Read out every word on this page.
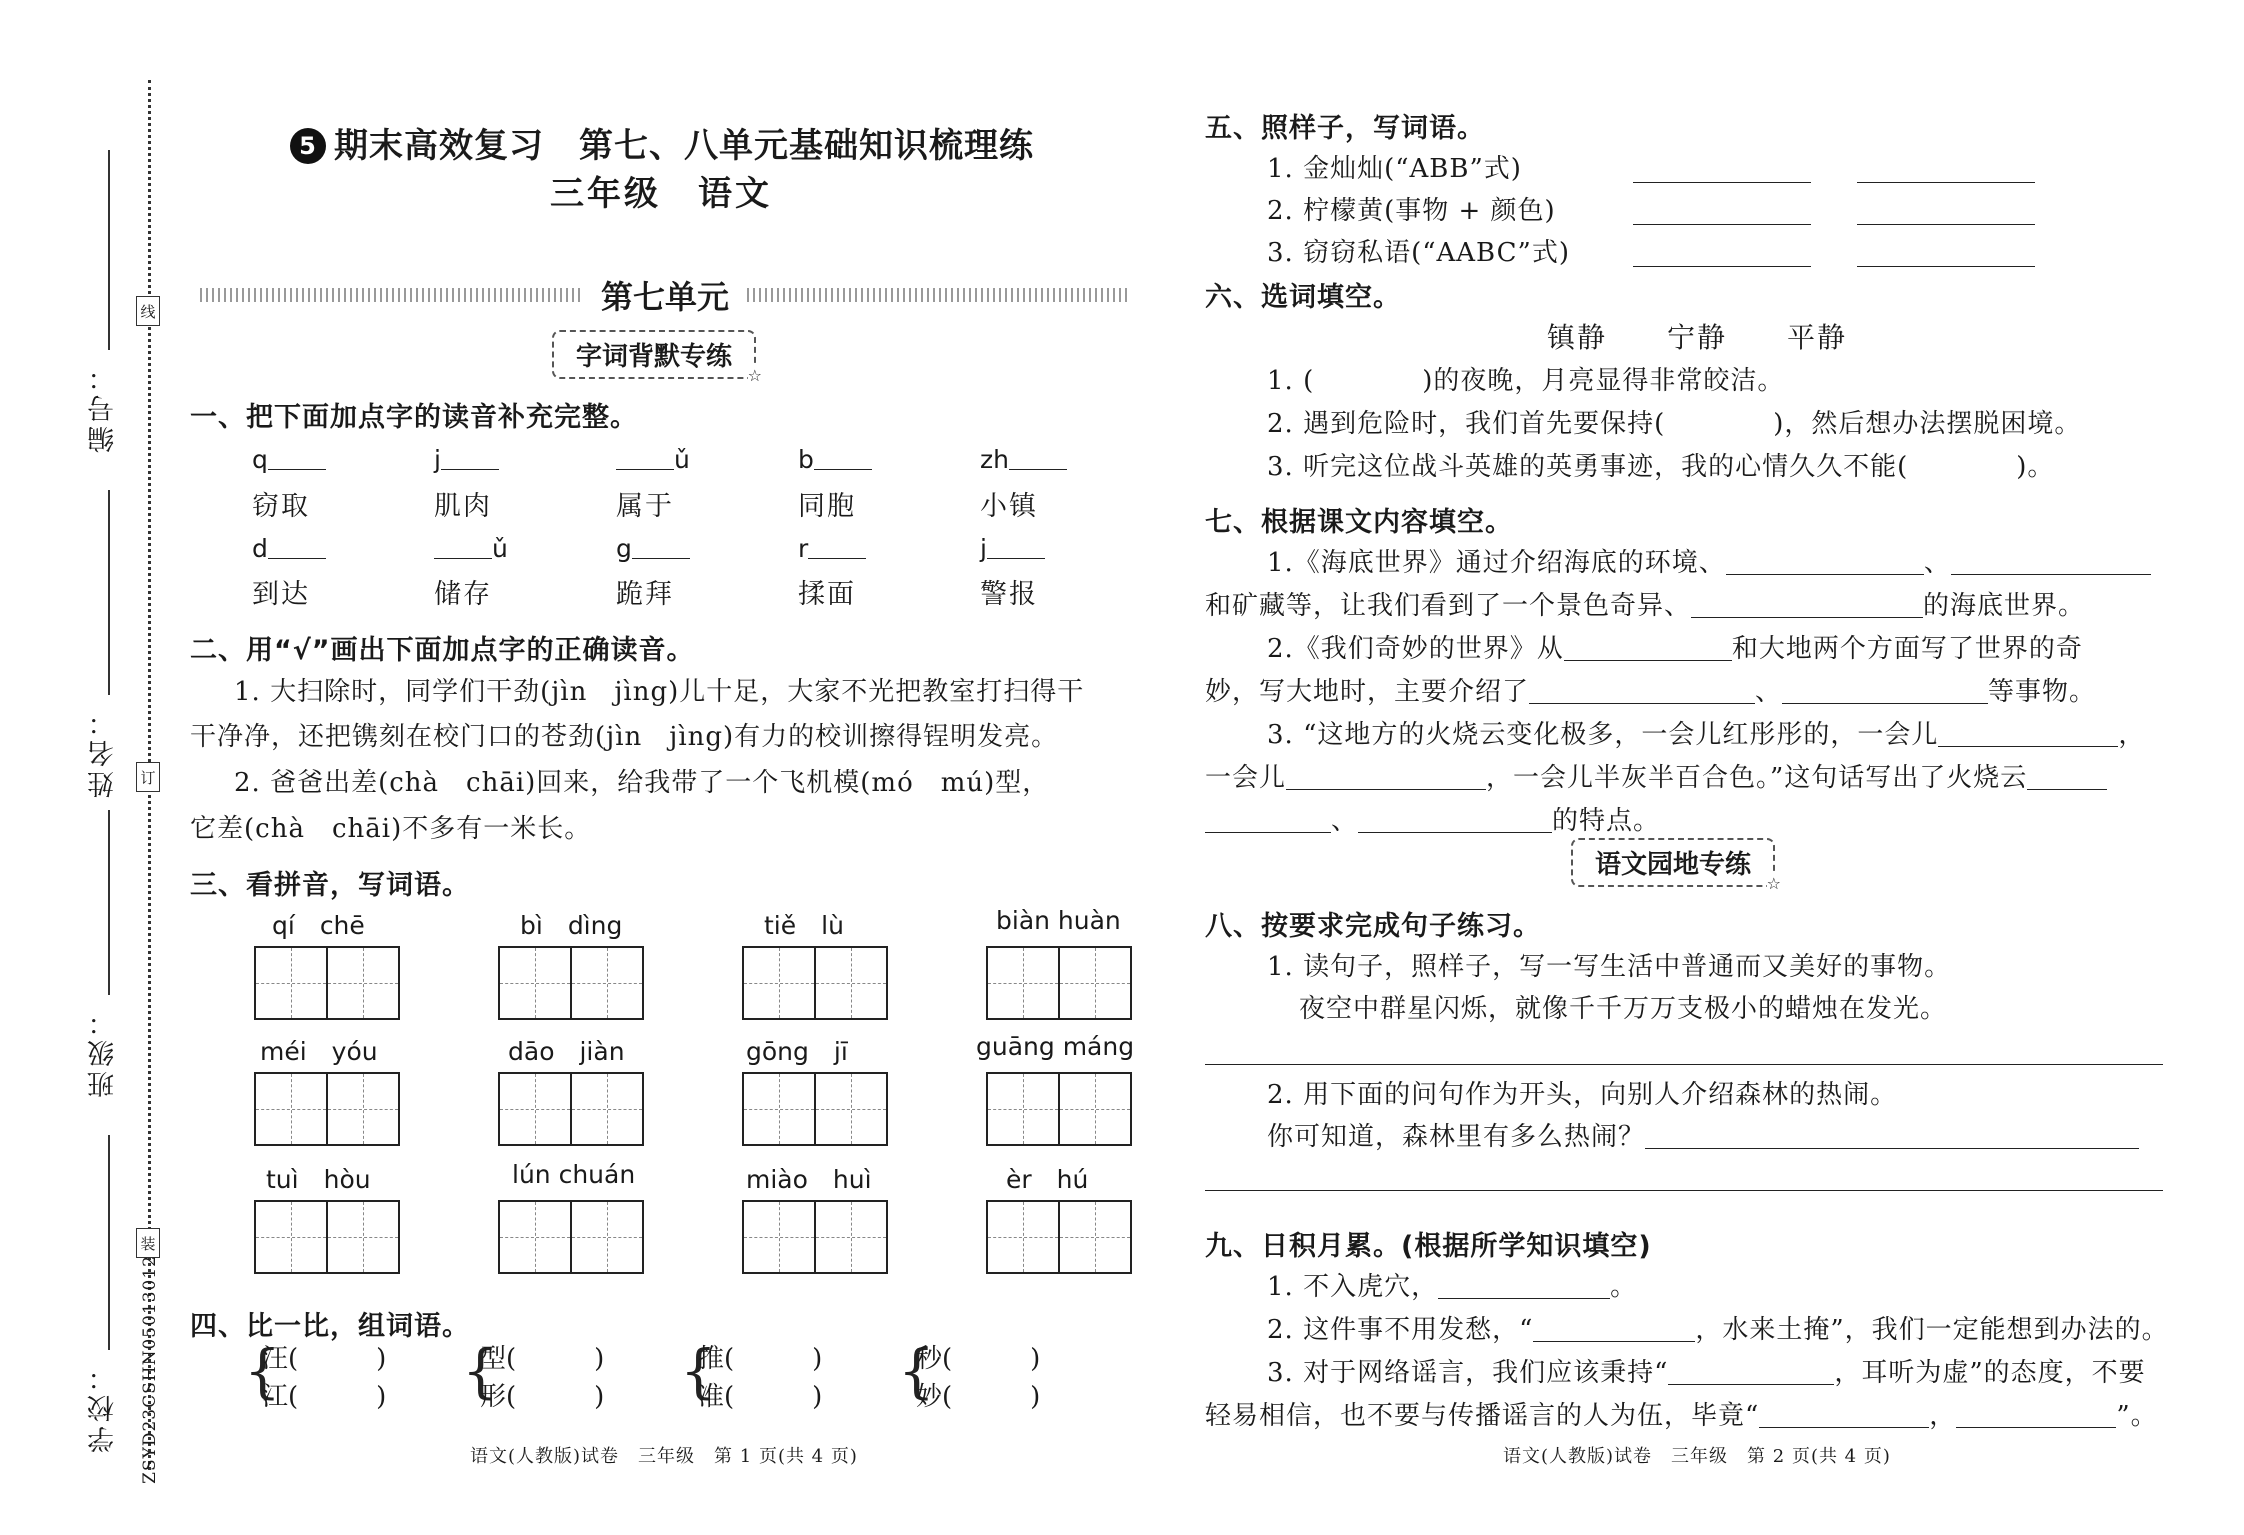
线
订
装
编号：
姓名：
班级：
学校： ZSYD23CSHN05013012
5 期末高效复习　第七、八单元基础知识梳理练
三年级　语文
第七单元
字词背默专练
☆
一、把下面加点字的读音补充完整。
q	j	ǔ	b	zh
窃取	肌肉	属于	同胞	小镇
d	ǔ	g	r	j
到达	储存	跪拜	揉面	警报
二、用“√”画出下面加点字的正确读音。
1. 大扫除时，同学们干劲(jìn　jìng)儿十足，大家不光把教室打扫得干
干净净，还把镌刻在校门口的苍劲(jìn　jìng)有力的校训擦得锃明发亮。
2. 爸爸出差(chà　chāi)回来，给我带了一个飞机模(mó　mú)型，
它差(chà　chāi)不多有一米长。
三、看拼音，写词语。
qí　chē	bì　dìng	tiě　lù	biàn huàn
méi　yóu	dāo　jiàn	gōng　jī	guāng máng
tuì　hòu	lún chuán	miào　huì	èr　hú
四、比一比，组词语。
{
汪(　　　)
江(　　　) {
型(　　　)
形(　　　) {
推(　　　)
准(　　　) {
秒(　　　)
妙(　　　)
语文(人教版)试卷　三年级　第 1 页(共 4 页)
五、照样子，写词语。
1. 金灿灿(“ABB”式)
2. 柠檬黄(事物 + 颜色)
3. 窃窃私语(“AABC”式)
六、选词填空。
镇静　　宁静　　平静
1. (　　　　)的夜晚，月亮显得非常皎洁。
2. 遇到危险时，我们首先要保持(　　　　)，然后想办法摆脱困境。
3. 听完这位战斗英雄的英勇事迹，我的心情久久不能(　　　　)。
七、根据课文内容填空。
1.《海底世界》通过介绍海底的环境、	、
和矿藏等，让我们看到了一个景色奇异、	的海底世界。
2.《我们奇妙的世界》从	和大地两个方面写了世界的奇
妙，写大地时，主要介绍了	、	等事物。
3. “这地方的火烧云变化极多，一会儿红彤彤的，一会儿	，
一会儿	，一会儿半灰半百合色。”这句话写出了火烧云
、	的特点。
语文园地专练
☆
八、按要求完成句子练习。
1. 读句子，照样子，写一写生活中普通而又美好的事物。
夜空中群星闪烁，就像千千万万支极小的蜡烛在发光。
2. 用下面的问句作为开头，向别人介绍森林的热闹。
你可知道，森林里有多么热闹？
九、日积月累。(根据所学知识填空)
1. 不入虎穴，	。
2. 这件事不用发愁，“	，水来土掩”，我们一定能想到办法的。
3. 对于网络谣言，我们应该秉持“	，耳听为虚”的态度，不要
轻易相信，也不要与传播谣言的人为伍，毕竟“	，	”。
语文(人教版)试卷　三年级　第 2 页(共 4 页)
